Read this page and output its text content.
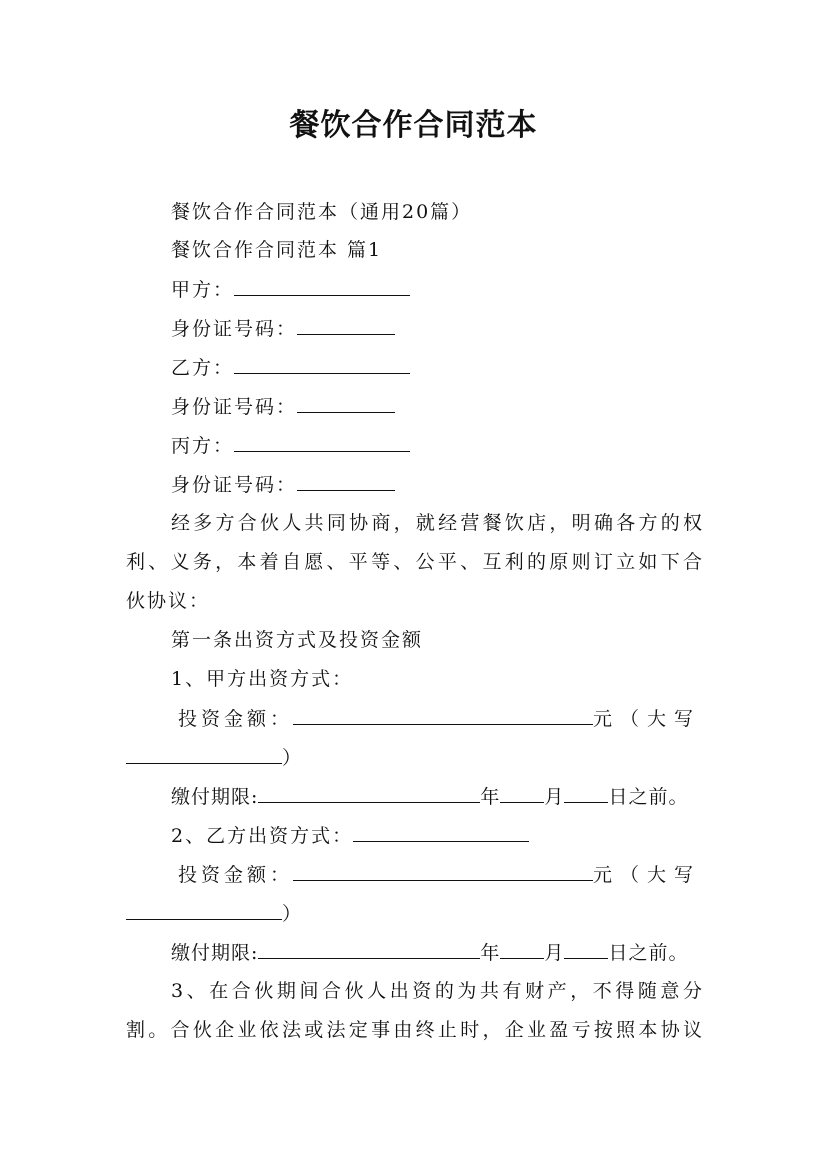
餐饮合作合同范本
餐饮合作合同范本（通用20篇）
餐饮合作合同范本 篇1
甲方：
身份证号码：
乙方：
身份证号码：
丙方：
身份证号码：
经多方合伙人共同协商，就经营餐饮店，明确各方的权
利、义务，本着自愿、平等、公平、互利的原则订立如下合
伙协议：
第一条出资方式及投资金额
1、甲方出资方式：
投资金额：	元（大写
）
缴付期限:	年 月 日之前。
2、乙方出资方式：
投资金额：	元（大写
）
缴付期限:	年 月 日之前。
3、在合伙期间合伙人出资的为共有财产，不得随意分
割。合伙企业依法或法定事由终止时，企业盈亏按照本协议
